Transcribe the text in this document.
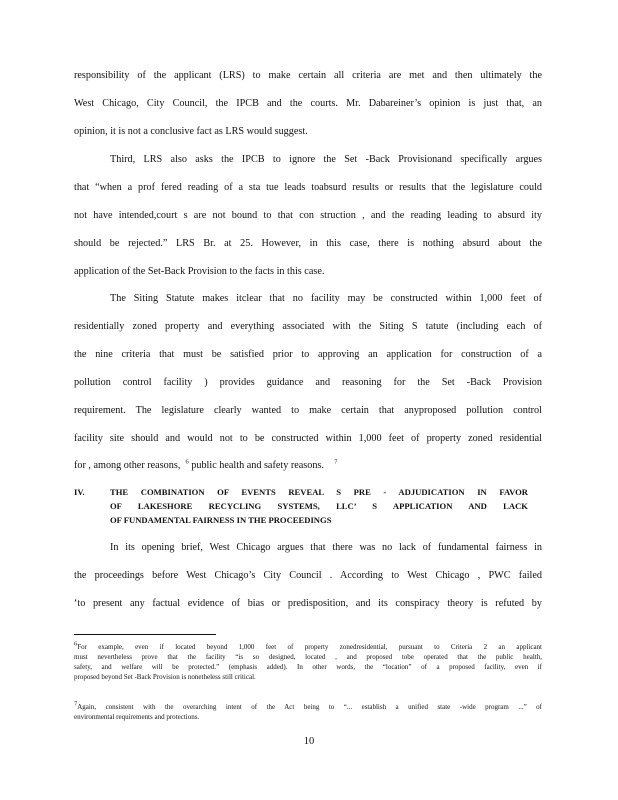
responsibility of the applicant (LRS) to make certain all criteria are met and then ultimately the
West Chicago, City Council, the IPCB and the courts. Mr. Dabareiner’s opinion is just that, an
opinion, it is not a conclusive fact as LRS would suggest.
Third, LRS also asks the IPCB to ignore the Set -Back Provisionand specifically argues
that “when a prof fered reading of a sta tue leads toabsurd results or results that the legislature could
not have intended,court s are not bound to that con struction , and the reading leading to absurd ity
should be rejected.” LRS Br. at 25. However, in this case, there is nothing absurd about the
application of the Set-Back Provision to the facts in this case.
The Siting Statute makes itclear that no facility may be constructed within 1,000 feet of
residentially zoned property and everything associated with the Siting S tatute (including each of
the nine criteria that must be satisfied prior to approving an application for construction of a
pollution control facility ) provides guidance and reasoning for the Set -Back Provision
requirement. The legislature clearly wanted to make certain that anyproposed pollution control
facility site should and would not to be constructed within 1,000 feet of property zoned residential
for , among other reasons, $^6$ public health and safety reasons. $^7$
IV.	THE COMBINATION OF EVENTS REVEAL S PRE - ADJUDICATION IN FAVOR
OF LAKESHORE RECYCLING SYSTEMS, LLC’ S APPLICATION AND LACK
OF FUNDAMENTAL FAIRNESS IN THE PROCEEDINGS
In its opening brief, West Chicago argues that there was no lack of fundamental fairness in
the proceedings before West Chicago’s City Council . According to West Chicago , PWC failed
‘to present any factual evidence of bias or predisposition, and its conspiracy theory is refuted by
$^6$For example, even if located beyond 1,000 feet of property zonedresidential, pursuant to Criteria 2 an applicant
must nevertheless prove that the facility “is so designed, located , and proposed tobe operated that the public health,
safety, and welfare will be protected.” (emphasis added). In other words, the “location” of a proposed facility, even if
proposed beyond Set -Back Provision is nonetheless still critical.
$^7$Again, consistent with the overarching intent of the Act being to “... establish a unified state -wide program ...” of
environmental requirements and protections.
10
